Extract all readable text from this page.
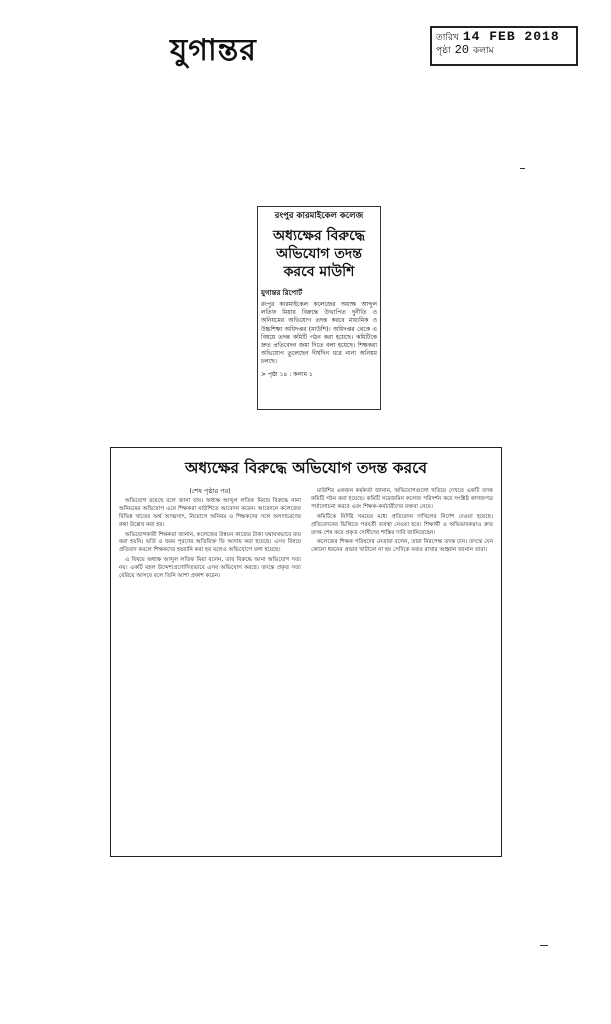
যুগান্তর	তারিখ 14 FEB 2018
পৃষ্ঠা 20 কলাম
রংপুর কারমাইকেল কলেজ
অধ্যক্ষের বিরুদ্ধে অভিযোগ তদন্ত করবে মাউশি
যুগান্তর রিপোর্ট
রংপুর কারমাইকেল কলেজের অধ্যক্ষ আব্দুল লতিফ মিয়ার বিরুদ্ধে উত্থাপিত দুর্নীতি ও অনিয়মের অভিযোগ তদন্ত করবে মাধ্যমিক ও উচ্চশিক্ষা অধিদপ্তর (মাউশি)। অধিদপ্তর থেকে এ বিষয়ে তদন্ত কমিটি গঠন করা হয়েছে। কমিটিকে দ্রুত প্রতিবেদন জমা দিতে বলা হয়েছে। শিক্ষকরা অভিযোগ তুলেছেন দীর্ঘদিন ধরে নানা অনিয়ম চলছে।
> পৃষ্ঠা ১৪ : কলাম ১
অধ্যক্ষের বিরুদ্ধে অভিযোগ তদন্ত করবে
(শেষ পৃষ্ঠার পর)

অভিযোগ রয়েছে বলে জানা যায়। অধ্যক্ষ আব্দুল লতিফ মিয়ার বিরুদ্ধে নানা অনিয়মের অভিযোগ এনে শিক্ষকরা মাউশিতে আবেদন করেন। আবেদনে কলেজের বিভিন্ন খাতের অর্থ আত্মসাৎ, নিয়োগে অনিয়ম ও শিক্ষকদের সঙ্গে অসদাচরণের কথা উল্লেখ করা হয়।

অভিযোগকারী শিক্ষকরা জানান, কলেজের উন্নয়ন কাজের টাকা যথাযথভাবে ব্যয় করা হয়নি। ভর্তি ও ফরম পূরণের অতিরিক্ত ফি আদায় করা হয়েছে। এসব বিষয়ে প্রতিবাদ করলে শিক্ষকদের হয়রানি করা হয় বলেও অভিযোগে বলা হয়েছে।

এ বিষয়ে অধ্যক্ষ আব্দুল লতিফ মিয়া বলেন, তার বিরুদ্ধে আনা অভিযোগ সত্য নয়। একটি মহল উদ্দেশ্যপ্রণোদিতভাবে এসব অভিযোগ করছে। তদন্তে প্রকৃত সত্য বেরিয়ে আসবে বলে তিনি আশা প্রকাশ করেন।

মাউশির একজন কর্মকর্তা জানান, অভিযোগগুলো খতিয়ে দেখতে একটি তদন্ত কমিটি গঠন করা হয়েছে। কমিটি সরেজমিন কলেজ পরিদর্শন করে সংশ্লিষ্ট কাগজপত্র পর্যালোচনা করবে এবং শিক্ষক-কর্মচারীদের বক্তব্য নেবে।

কমিটিকে নির্দিষ্ট সময়ের মধ্যে প্রতিবেদন দাখিলের নির্দেশ দেওয়া হয়েছে। প্রতিবেদনের ভিত্তিতে পরবর্তী ব্যবস্থা নেওয়া হবে। শিক্ষার্থী ও অভিভাবকরাও দ্রুত তদন্ত শেষ করে প্রকৃত দোষীদের শাস্তির দাবি জানিয়েছেন।

কলেজের শিক্ষক পরিষদের নেতারা বলেন, তারা নিরপেক্ষ তদন্ত চান। তদন্তে যেন কোনো ধরনের প্রভাব খাটানো না হয় সেদিকে নজর রাখার আহ্বান জানান তারা।
